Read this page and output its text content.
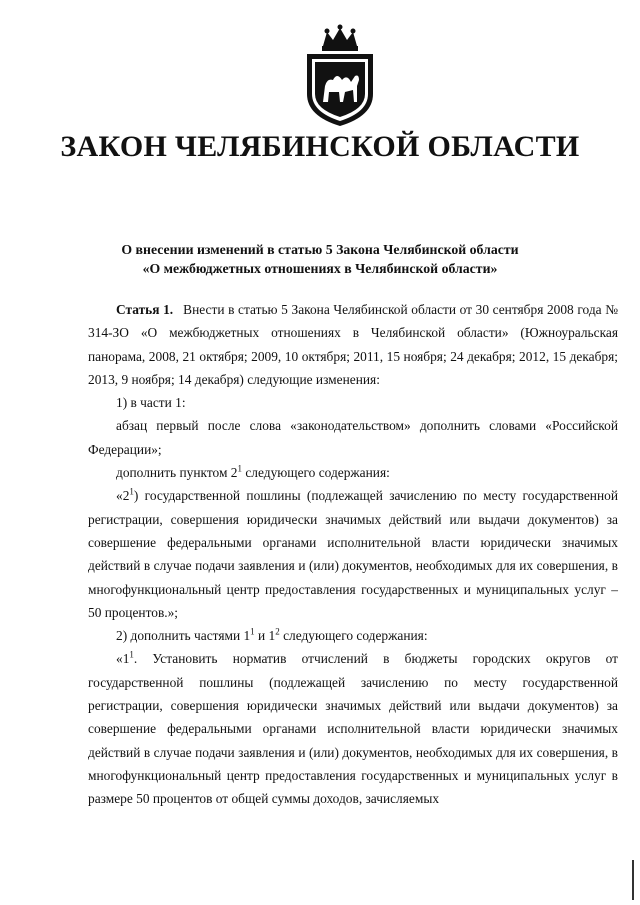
ЗАКОН ЧЕЛЯБИНСКОЙ ОБЛАСТИ
О внесении изменений в статью 5 Закона Челябинской области
«О межбюджетных отношениях в Челябинской области»

Статья 1. Внести в статью 5 Закона Челябинской области от 30 сентября 2008 года № 314-ЗО «О межбюджетных отношениях в Челябинской области» (Южноуральская панорама, 2008, 21 октября; 2009, 10 октября; 2011, 15 ноября; 24 декабря; 2012, 15 декабря; 2013, 9 ноября; 14 декабря) следующие изменения:

1) в части 1:

абзац первый после слова «законодательством» дополнить словами «Российской Федерации»;

дополнить пунктом $2^1$ следующего содержания:

«$2^1$) государственной пошлины (подлежащей зачислению по месту государственной регистрации, совершения юридически значимых действий или выдачи документов) за совершение федеральными органами исполнительной власти юридически значимых действий в случае подачи заявления и (или) документов, необходимых для их совершения, в многофункциональный центр предоставления государственных и муниципальных услуг – 50 процентов.»;

2) дополнить частями $1^1$ и $1^2$ следующего содержания:

«$1^1$. Установить норматив отчислений в бюджеты городских округов от государственной пошлины (подлежащей зачислению по месту государственной регистрации, совершения юридически значимых действий или выдачи документов) за совершение федеральными органами исполнительной власти юридически значимых действий в случае подачи заявления и (или) документов, необходимых для их совершения, в многофункциональный центр предоставления государственных и муниципальных услуг в размере 50 процентов от общей суммы доходов, зачисляемых
